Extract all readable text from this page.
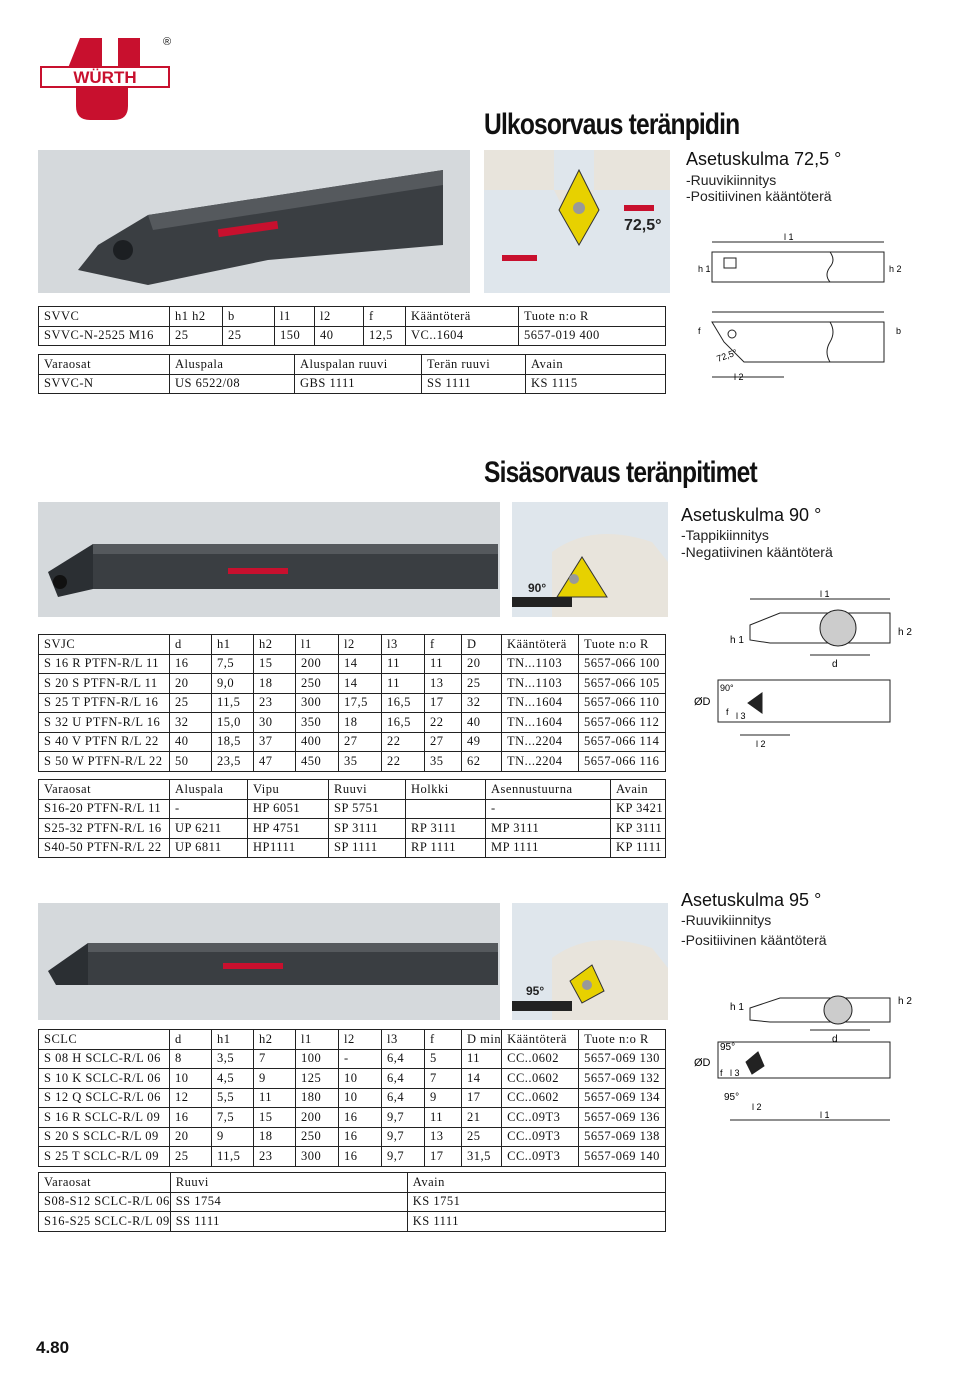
WÜRTH
®
Ulkosorvaus teränpidin
72,5°
Asetuskulma 72,5 °
-Ruuvikiinnitys
-Positiivinen kääntöterä
l 1
h 1	h 2
f	b
72,5°
l 2
SVVC	h1 h2	b	l1	l2	f	Kääntöterä	Tuote n:o R
SVVC-N-2525 M16	25	25	150	40	12,5	VC..1604	5657-019 400
Varaosat	Aluspala	Aluspalan ruuvi	Terän ruuvi	Avain
SVVC-N	US 6522/08	GBS 1111	SS 1111	KS 1115
Sisäsorvaus teränpitimet
90°
Asetuskulma 90 °
-Tappikiinnitys
-Negatiivinen kääntöterä
l 1
h 1
h 2
d
ØD
90°
f l 3
l 2
SVJC	d	h1	h2	l1	l2	l3	f	D	Kääntöterä	Tuote n:o R
S 16 R PTFN-R/L 11	16	7,5	15	200	14	11	11	20	TN...1103	5657-066 100
S 20 S PTFN-R/L 11	20	9,0	18	250	14	11	13	25	TN...1103	5657-066 105
S 25 T PTFN-R/L 16	25	11,5	23	300	17,5	16,5	17	32	TN...1604	5657-066 110
S 32 U PTFN-R/L 16	32	15,0	30	350	18	16,5	22	40	TN...1604	5657-066 112
S 40 V PTFN R/L 22	40	18,5	37	400	27	22	27	49	TN...2204	5657-066 114
S 50 W PTFN-R/L 22	50	23,5	47	450	35	22	35	62	TN...2204	5657-066 116
Varaosat	Aluspala	Vipu	Ruuvi	Holkki	Asennustuurna	Avain
S16-20 PTFN-R/L 11	-	HP 6051	SP 5751		-	KP 3421
S25-32 PTFN-R/L 16	UP 6211	HP 4751	SP 3111	RP 3111	MP 3111	KP 3111
S40-50 PTFN-R/L 22	UP 6811	HP1111	SP 1111	RP 1111	MP 1111	KP 1111
95°
Asetuskulma 95 °
-Ruuvikiinnitys
-Positiivinen kääntöterä
h 1
h 2
d
ØD
95°
f l 3
95°
l 2
l 1
SCLC	d	h1	h2	l1	l2	l3	f	D min	Kääntöterä	Tuote n:o R
S 08 H SCLC-R/L 06	8	3,5	7	100	-	6,4	5	11	CC..0602	5657-069 130
S 10 K SCLC-R/L 06	10	4,5	9	125	10	6,4	7	14	CC..0602	5657-069 132
S 12 Q SCLC-R/L 06	12	5,5	11	180	10	6,4	9	17	CC..0602	5657-069 134
S 16 R SCLC-R/L 09	16	7,5	15	200	16	9,7	11	21	CC..09T3	5657-069 136
S 20 S SCLC-R/L 09	20	9	18	250	16	9,7	13	25	CC..09T3	5657-069 138
S 25 T SCLC-R/L 09	25	11,5	23	300	16	9,7	17	31,5	CC..09T3	5657-069 140
Varaosat	Ruuvi	Avain
S08-S12 SCLC-R/L 06	SS 1754	KS 1751
S16-S25 SCLC-R/L 09	SS 1111	KS 1111
4.80
